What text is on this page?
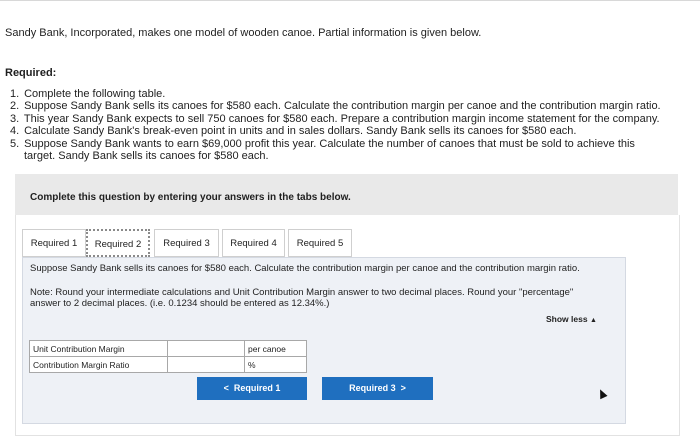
Sandy Bank, Incorporated, makes one model of wooden canoe. Partial information is given below.
Required:
1. Complete the following table.
2. Suppose Sandy Bank sells its canoes for $580 each. Calculate the contribution margin per canoe and the contribution margin ratio.
3. This year Sandy Bank expects to sell 750 canoes for $580 each. Prepare a contribution margin income statement for the company.
4. Calculate Sandy Bank's break-even point in units and in sales dollars. Sandy Bank sells its canoes for $580 each.
5. Suppose Sandy Bank wants to earn $69,000 profit this year. Calculate the number of canoes that must be sold to achieve this
target. Sandy Bank sells its canoes for $580 each.
Complete this question by entering your answers in the tabs below.
Required 1	Required 2	Required 3	Required 4	Required 5
Suppose Sandy Bank sells its canoes for $580 each. Calculate the contribution margin per canoe and the contribution margin ratio.
Note: Round your intermediate calculations and Unit Contribution Margin answer to two decimal places. Round your "percentage" answer to 2 decimal places. (i.e. 0.1234 should be entered as 12.34%.)
Show less ▲
Unit Contribution Margin		per canoe
Contribution Margin Ratio		%
< Required 1	Required 3 >
